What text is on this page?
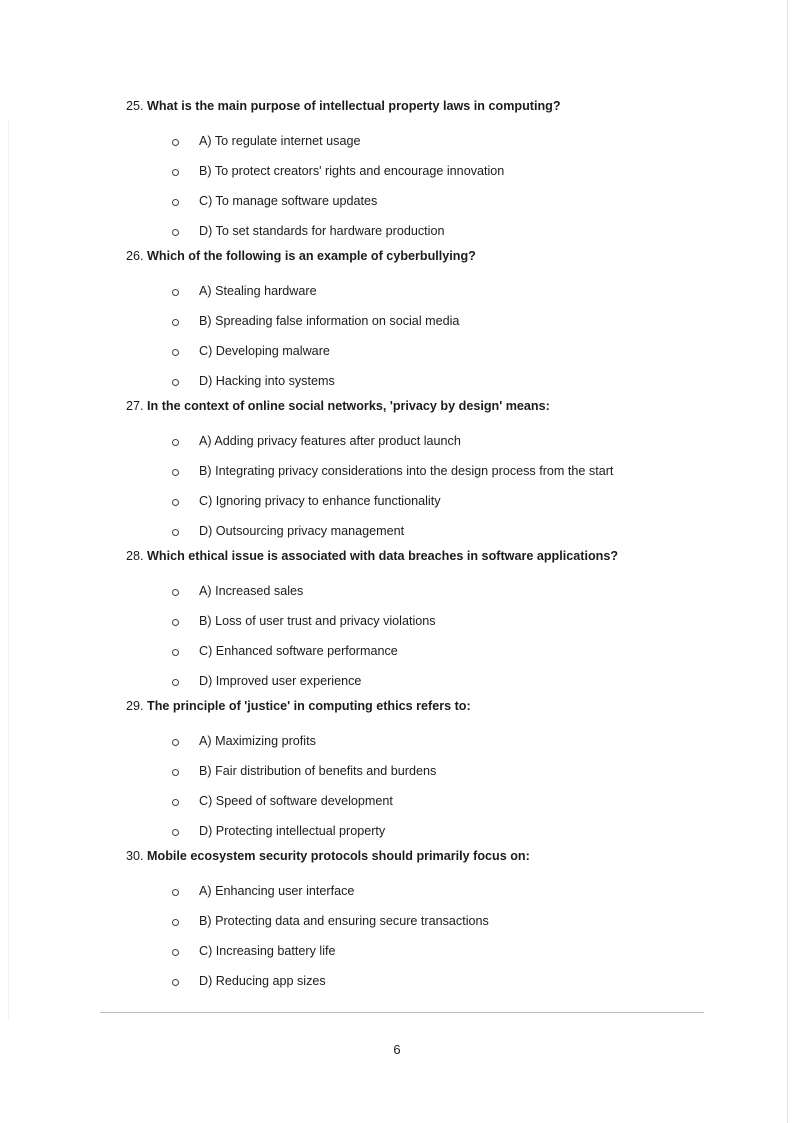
25. What is the main purpose of intellectual property laws in computing?
A) To regulate internet usage
B) To protect creators' rights and encourage innovation
C) To manage software updates
D) To set standards for hardware production
26. Which of the following is an example of cyberbullying?
A) Stealing hardware
B) Spreading false information on social media
C) Developing malware
D) Hacking into systems
27. In the context of online social networks, 'privacy by design' means:
A) Adding privacy features after product launch
B) Integrating privacy considerations into the design process from the start
C) Ignoring privacy to enhance functionality
D) Outsourcing privacy management
28. Which ethical issue is associated with data breaches in software applications?
A) Increased sales
B) Loss of user trust and privacy violations
C) Enhanced software performance
D) Improved user experience
29. The principle of 'justice' in computing ethics refers to:
A) Maximizing profits
B) Fair distribution of benefits and burdens
C) Speed of software development
D) Protecting intellectual property
30. Mobile ecosystem security protocols should primarily focus on:
A) Enhancing user interface
B) Protecting data and ensuring secure transactions
C) Increasing battery life
D) Reducing app sizes
6
